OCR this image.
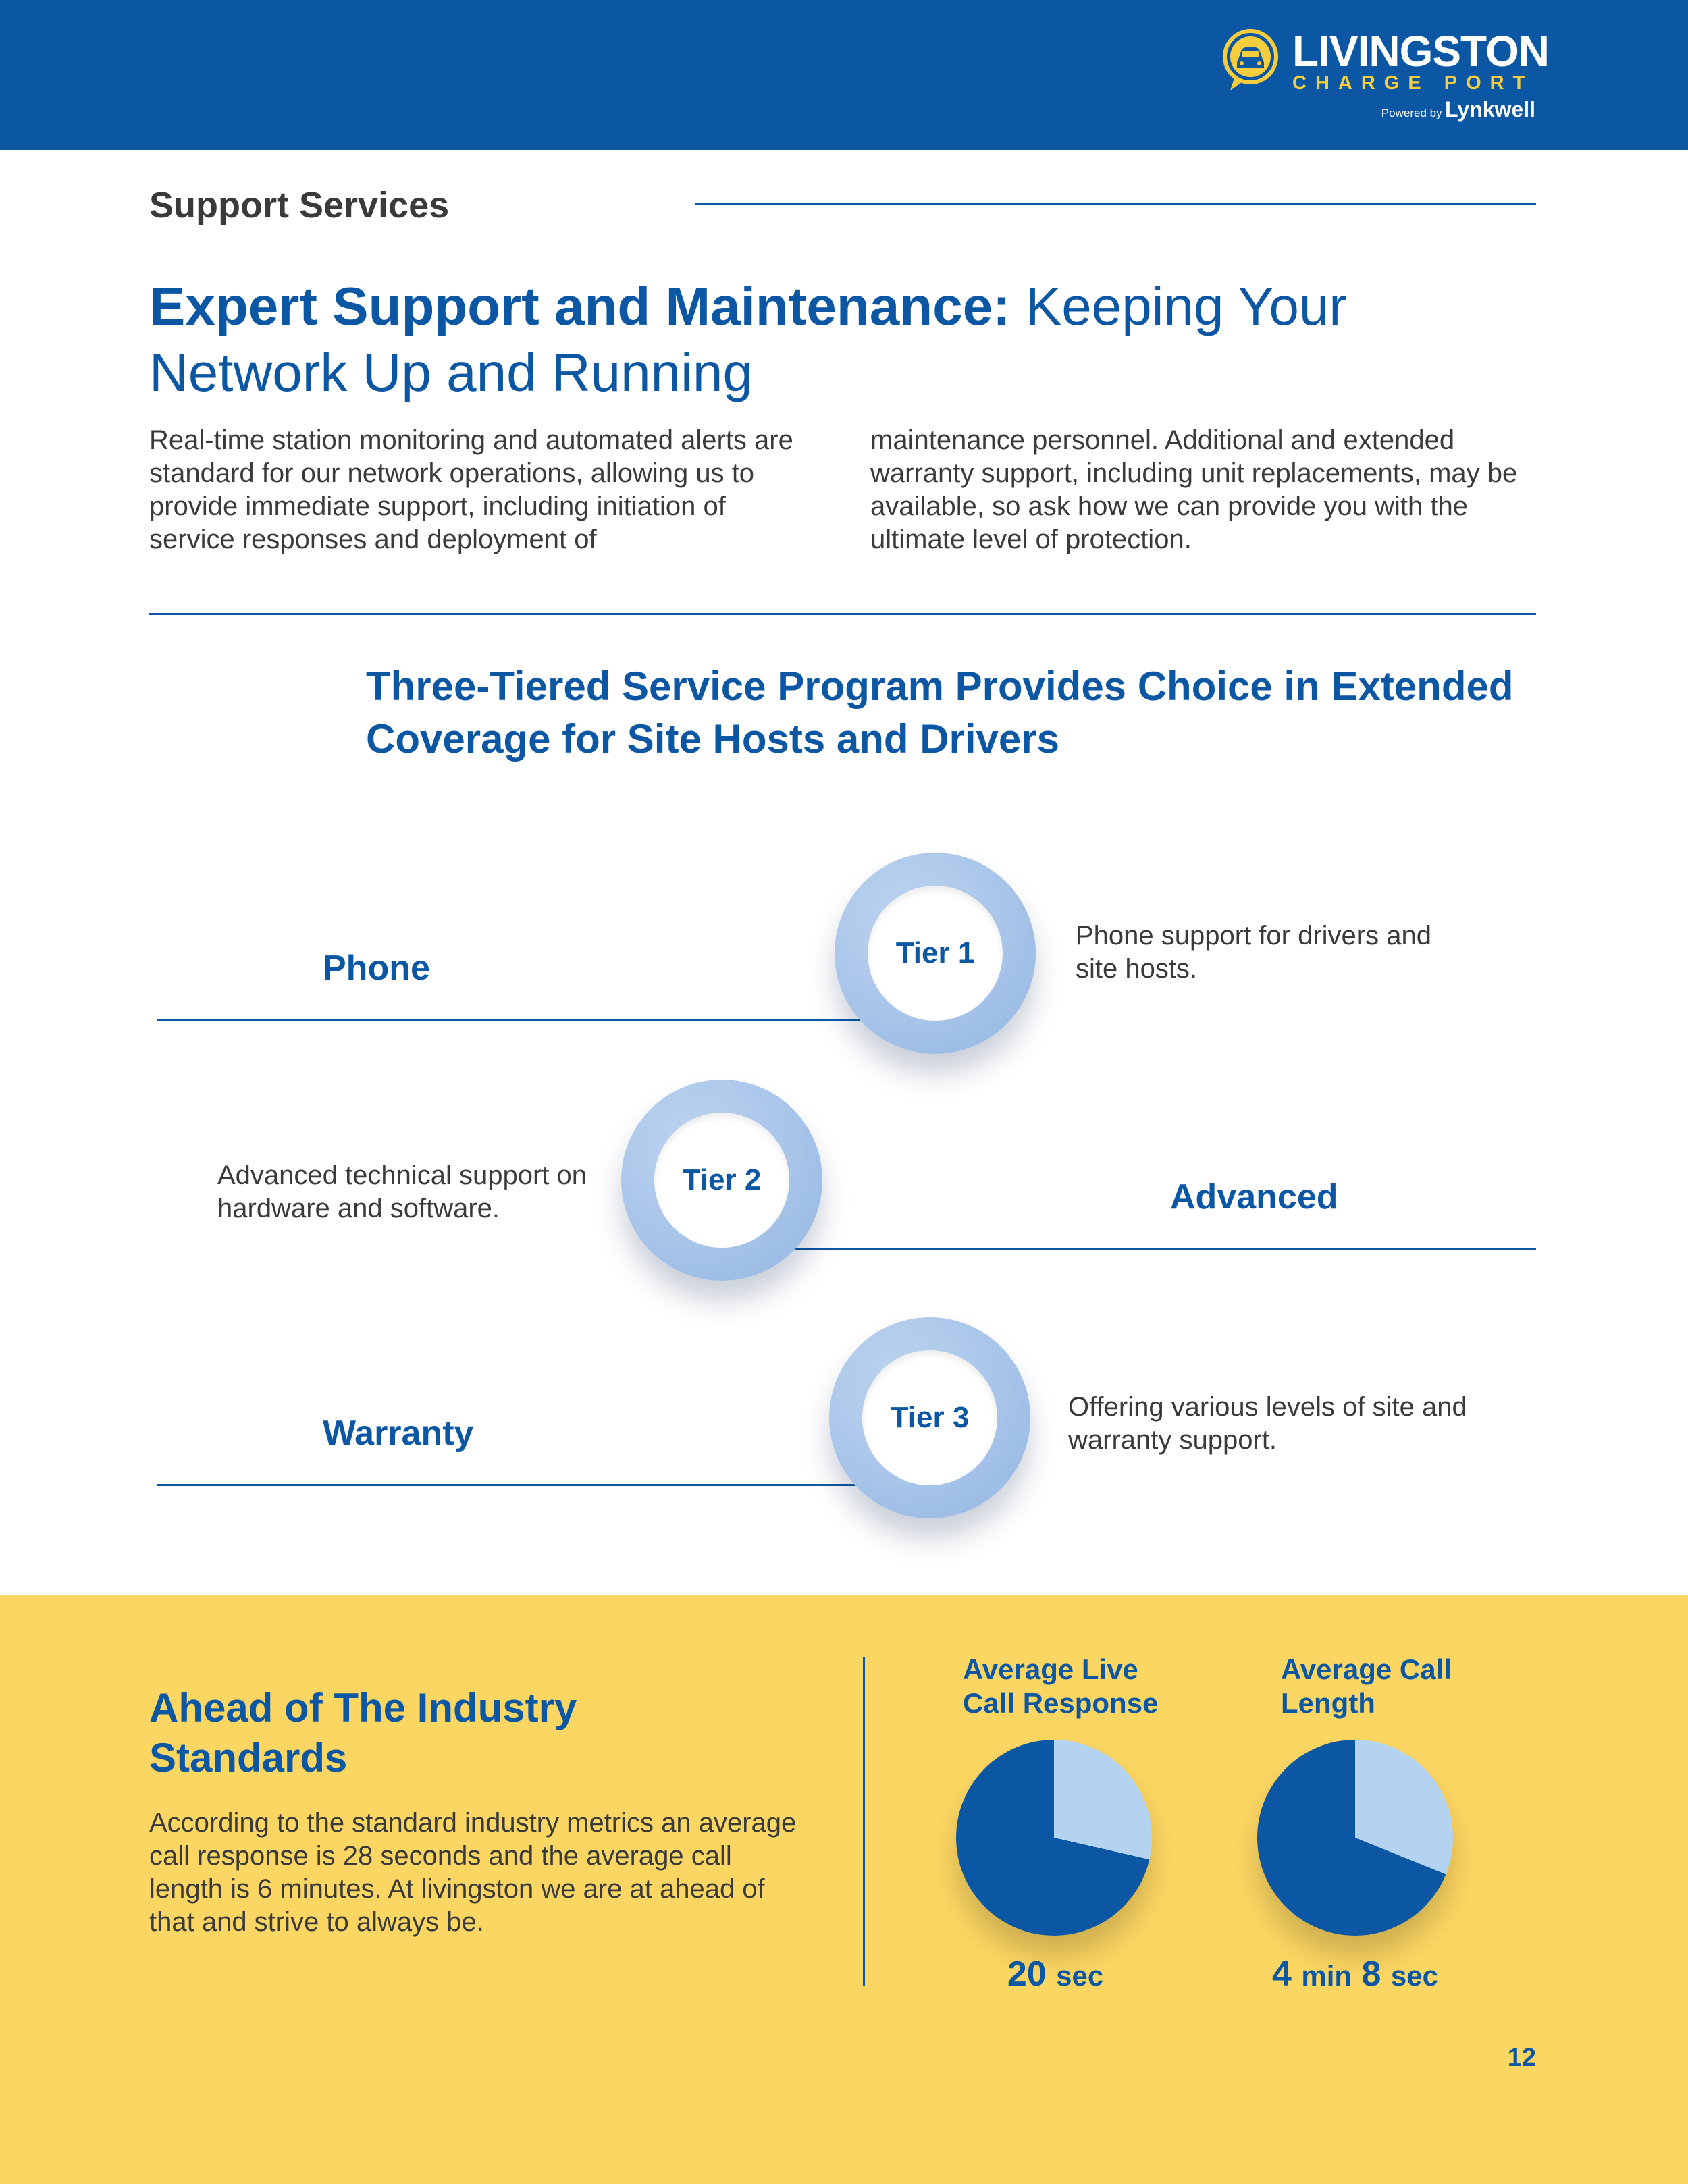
LIVINGSTON
CHARGE PORT
Powered by Lynkwell
Support Services
Expert Support and Maintenance: Keeping Your Network Up and Running
Real-time station monitoring and automated alerts are standard for our network operations, allowing us to provide immediate support, including initiation of service responses and deployment of
maintenance personnel. Additional and extended warranty support, including unit replacements, may be available, so ask how we can provide you with the ultimate level of protection.
Three-Tiered Service Program Provides Choice in Extended Coverage for Site Hosts and Drivers
Phone	Tier 1
Phone support for drivers and site hosts.
Advanced
Tier 2
Advanced technical support on hardware and software.
Warranty	Tier 3	Offering various levels of site and warranty support.
Ahead of The Industry Standards
According to the standard industry metrics an average call response is 28 seconds and the average call length is 6 minutes. At livingston we are at ahead of that and strive to always be.
Average Live Call Response
20 sec
Average Call Length
4 min 8 sec
12
